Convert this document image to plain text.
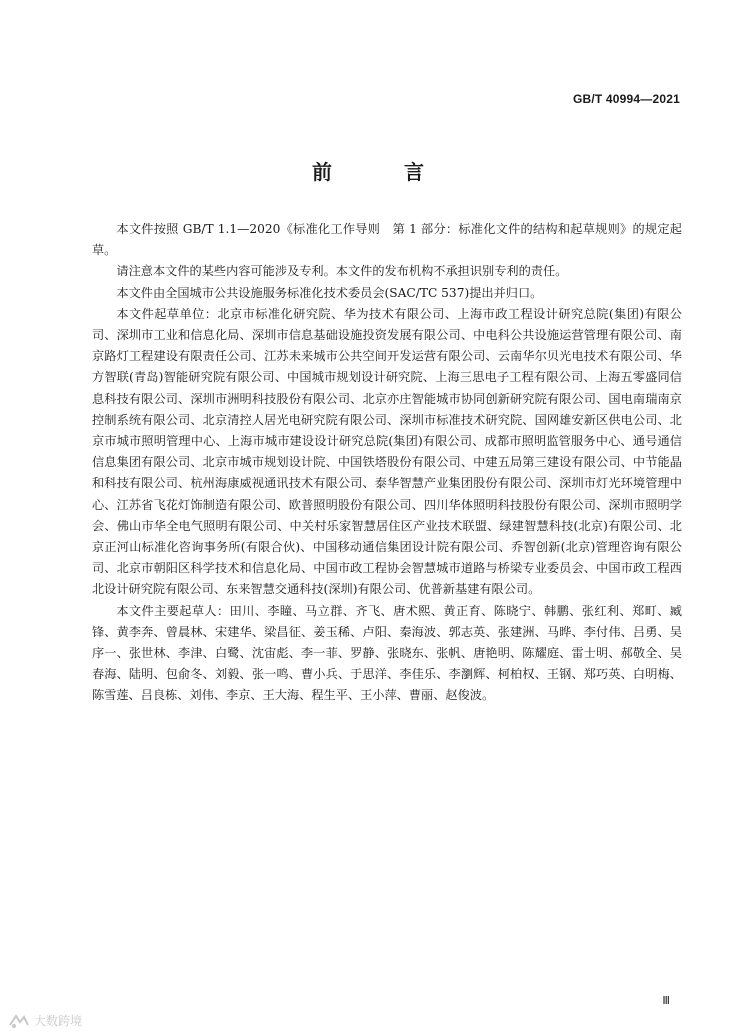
GB/T 40994—2021
前　言

本文件按照 GB/T 1.1—2020《标准化工作导则　第 1 部分：标准化文件的结构和起草规则》的规定起草。

请注意本文件的某些内容可能涉及专利。本文件的发布机构不承担识别专利的责任。

本文件由全国城市公共设施服务标准化技术委员会(SAC/TC 537)提出并归口。

本文件起草单位：北京市标准化研究院、华为技术有限公司、上海市政工程设计研究总院(集团)有限公司、深圳市工业和信息化局、深圳市信息基础设施投资发展有限公司、中电科公共设施运营管理有限公司、南京路灯工程建设有限责任公司、江苏未来城市公共空间开发运营有限公司、云南华尔贝光电技术有限公司、华方智联(青岛)智能研究院有限公司、中国城市规划设计研究院、上海三思电子工程有限公司、上海五零盛同信息科技有限公司、深圳市洲明科技股份有限公司、北京亦庄智能城市协同创新研究院有限公司、国电南瑞南京控制系统有限公司、北京清控人居光电研究院有限公司、深圳市标准技术研究院、国网雄安新区供电公司、北京市城市照明管理中心、上海市城市建设设计研究总院(集团)有限公司、成都市照明监管服务中心、通号通信信息集团有限公司、北京市城市规划设计院、中国铁塔股份有限公司、中建五局第三建设有限公司、中节能晶和科技有限公司、杭州海康威视通讯技术有限公司、泰华智慧产业集团股份有限公司、深圳市灯光环境管理中心、江苏省飞花灯饰制造有限公司、欧普照明股份有限公司、四川华体照明科技股份有限公司、深圳市照明学会、佛山市华全电气照明有限公司、中关村乐家智慧居住区产业技术联盟、绿建智慧科技(北京)有限公司、北京正河山标准化咨询事务所(有限合伙)、中国移动通信集团设计院有限公司、乔智创新(北京)管理咨询有限公司、北京市朝阳区科学技术和信息化局、中国市政工程协会智慧城市道路与桥梁专业委员会、中国市政工程西北设计研究院有限公司、东来智慧交通科技(深圳)有限公司、优普新基建有限公司。

本文件主要起草人：田川、李瞳、马立群、齐飞、唐术熙、黄正育、陈晓宁、韩鹏、张红利、郑町、臧锋、黄李奔、曾晨林、宋建华、梁昌征、姜玉稀、卢阳、秦海波、郭志英、张建洲、马晔、李付伟、吕勇、吴序一、张世林、李津、白鹭、沈宙彪、李一菲、罗静、张晓东、张帆、唐艳明、陈耀庭、雷士明、郝敬全、吴春海、陆明、包俞冬、刘毅、张一鸣、曹小兵、于思洋、李佳乐、李瀏辉、柯柏权、王钢、郑巧英、白明梅、陈雪莲、吕良栋、刘伟、李京、王大海、程生平、王小萍、曹丽、赵俊波。

Ⅲ
大数跨境
